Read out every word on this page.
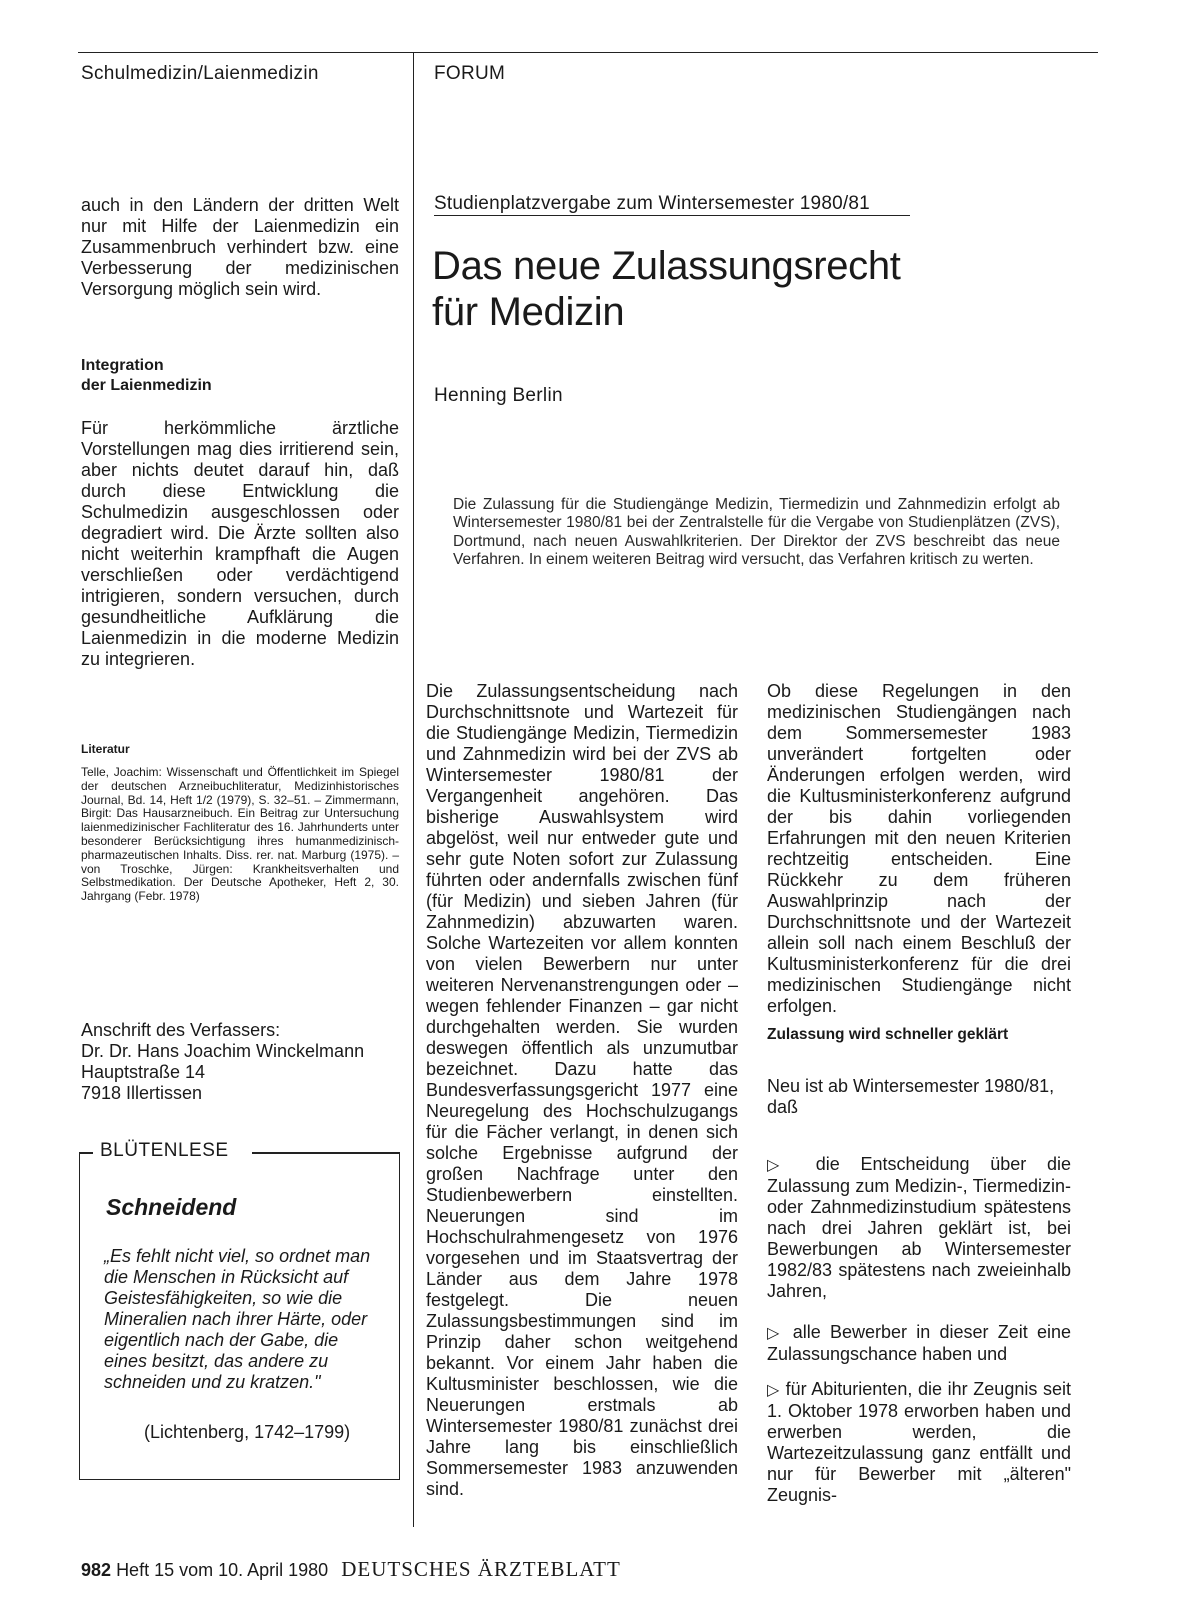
Schulmedizin/Laienmedizin	FORUM

auch in den Ländern der dritten Welt nur mit Hilfe der Laienmedizin ein Zusammenbruch verhindert bzw. eine Verbesserung der medizinischen Versorgung möglich sein wird.

Integration
der Laienmedizin

Für herkömmliche ärztliche Vorstellungen mag dies irritierend sein, aber nichts deutet darauf hin, daß durch diese Entwicklung die Schulmedizin ausgeschlossen oder degradiert wird. Die Ärzte sollten also nicht weiterhin krampfhaft die Augen verschließen oder verdächtigend intrigieren, sondern versuchen, durch gesundheitliche Aufklärung die Laienmedizin in die moderne Medizin zu integrieren.

Literatur

Telle, Joachim: Wissenschaft und Öffentlichkeit im Spiegel der deutschen Arzneibuchliteratur, Medizinhistorisches Journal, Bd. 14, Heft 1/2 (1979), S. 32–51. – Zimmermann, Birgit: Das Hausarzneibuch. Ein Beitrag zur Untersuchung laienmedizinischer Fachliteratur des 16. Jahrhunderts unter besonderer Berücksichtigung ihres humanmedizinisch-pharmazeutischen Inhalts. Diss. rer. nat. Marburg (1975). – von Troschke, Jürgen: Krankheitsverhalten und Selbstmedikation. Der Deutsche Apotheker, Heft 2, 30. Jahrgang (Febr. 1978)

Anschrift des Verfassers:
Dr. Dr. Hans Joachim Winckelmann
Hauptstraße 14
7918 Illertissen
BLÜTENLESE
Schneidend

„Es fehlt nicht viel, so ordnet man die Menschen in Rücksicht auf Geistesfähigkeiten, so wie die Mineralien nach ihrer Härte, oder eigentlich nach der Gabe, die eines besitzt, das andere zu schneiden und zu kratzen."

(Lichtenberg, 1742–1799)
Studienplatzvergabe zum Wintersemester 1980/81
Das neue Zulassungsrecht
für Medizin
Henning Berlin

Die Zulassung für die Studiengänge Medizin, Tiermedizin und Zahnmedizin erfolgt ab Wintersemester 1980/81 bei der Zentralstelle für die Vergabe von Studienplätzen (ZVS), Dortmund, nach neuen Auswahlkriterien. Der Direktor der ZVS beschreibt das neue Verfahren. In einem weiteren Beitrag wird versucht, das Verfahren kritisch zu werten.

Die Zulassungsentscheidung nach Durchschnittsnote und Wartezeit für die Studiengänge Medizin, Tiermedizin und Zahnmedizin wird bei der ZVS ab Wintersemester 1980/81 der Vergangenheit angehören. Das bisherige Auswahlsystem wird abgelöst, weil nur entweder gute und sehr gute Noten sofort zur Zulassung führten oder andernfalls zwischen fünf (für Medizin) und sieben Jahren (für Zahnmedizin) abzuwarten waren. Solche Wartezeiten vor allem konnten von vielen Bewerbern nur unter weiteren Nervenanstrengungen oder – wegen fehlender Finanzen – gar nicht durchgehalten werden. Sie wurden deswegen öffentlich als unzumutbar bezeichnet. Dazu hatte das Bundesverfassungsgericht 1977 eine Neuregelung des Hochschulzugangs für die Fächer verlangt, in denen sich solche Ergebnisse aufgrund der großen Nachfrage unter den Studienbewerbern einstellten. Neuerungen sind im Hochschulrahmengesetz von 1976 vorgesehen und im Staatsvertrag der Länder aus dem Jahre 1978 festgelegt. Die neuen Zulassungsbestimmungen sind im Prinzip daher schon weitgehend bekannt. Vor einem Jahr haben die Kultusminister beschlossen, wie die Neuerungen erstmals ab Wintersemester 1980/81 zunächst drei Jahre lang bis einschließlich Sommersemester 1983 anzuwenden sind.

Ob diese Regelungen in den medizinischen Studiengängen nach dem Sommersemester 1983 unverändert fortgelten oder Änderungen erfolgen werden, wird die Kultusministerkonferenz aufgrund der bis dahin vorliegenden Erfahrungen mit den neuen Kriterien rechtzeitig entscheiden. Eine Rückkehr zu dem früheren Auswahlprinzip nach der Durchschnittsnote und der Wartezeit allein soll nach einem Beschluß der Kultusministerkonferenz für die drei medizinischen Studiengänge nicht erfolgen.

Zulassung wird schneller geklärt

Neu ist ab Wintersemester 1980/81, daß

▷ die Entscheidung über die Zulassung zum Medizin-, Tiermedizin- oder Zahnmedizinstudium spätestens nach drei Jahren geklärt ist, bei Bewerbungen ab Wintersemester 1982/83 spätestens nach zweieinhalb Jahren,

▷ alle Bewerber in dieser Zeit eine Zulassungschance haben und

▷ für Abiturienten, die ihr Zeugnis seit 1. Oktober 1978 erworben haben und erwerben werden, die Wartezeitzulassung ganz entfällt und nur für Bewerber mit „älteren" Zeugnis-

982 Heft 15 vom 10. April 1980 DEUTSCHES ÄRZTEBLATT
